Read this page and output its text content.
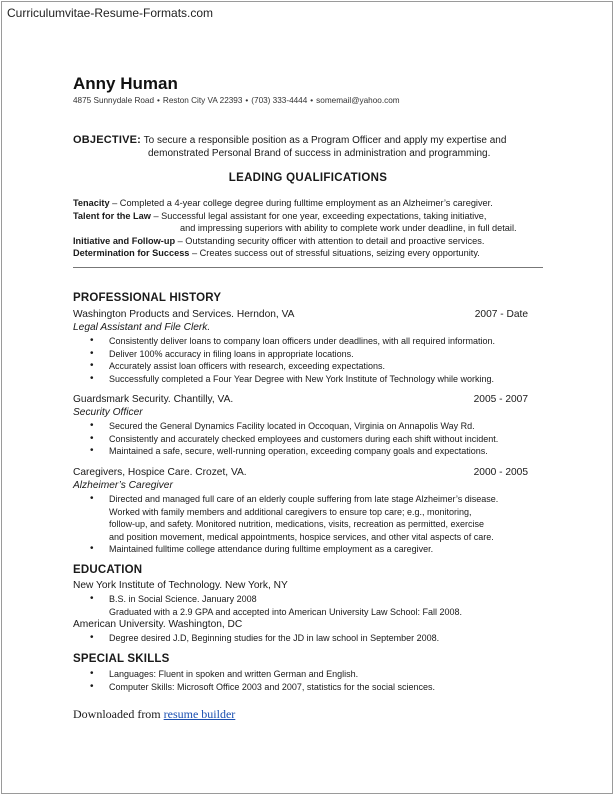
Curriculumvitae-Resume-Formats.com
Anny Human
4875 Sunnydale Road • Reston City VA 22393 • (703) 333-4444 • somemail@yahoo.com
OBJECTIVE: To secure a responsible position as a Program Officer and apply my expertise and
demonstrated Personal Brand of success in administration and programming.
LEADING QUALIFICATIONS
Tenacity – Completed a 4-year college degree during fulltime employment as an Alzheimer’s caregiver.
Talent for the Law – Successful legal assistant for one year, exceeding expectations, taking initiative,
and impressing superiors with ability to complete work under deadline, in full detail.
Initiative and Follow-up – Outstanding security officer with attention to detail and proactive services.
Determination for Success – Creates success out of stressful situations, seizing every opportunity.
PROFESSIONAL HISTORY
Washington Products and Services. Herndon, VA	2007 - Date
Legal Assistant and File Clerk.
• Consistently deliver loans to company loan officers under deadlines, with all required information.
• Deliver 100% accuracy in filing loans in appropriate locations.
• Accurately assist loan officers with research, exceeding expectations.
• Successfully completed a Four Year Degree with New York Institute of Technology while working.
Guardsmark Security. Chantilly, VA.	2005 - 2007
Security Officer
• Secured the General Dynamics Facility located in Occoquan, Virginia on Annapolis Way Rd.
• Consistently and accurately checked employees and customers during each shift without incident.
• Maintained a safe, secure, well-running operation, exceeding company goals and expectations.
Caregivers, Hospice Care. Crozet, VA.	2000 - 2005
Alzheimer’s Caregiver
• Directed and managed full care of an elderly couple suffering from late stage Alzheimer’s disease.
Worked with family members and additional caregivers to ensure top care; e.g., monitoring,
follow-up, and safety. Monitored nutrition, medications, visits, recreation as permitted, exercise
and position movement, medical appointments, hospice services, and other vital aspects of care.
• Maintained fulltime college attendance during fulltime employment as a caregiver.
EDUCATION
New York Institute of Technology. New York, NY
• B.S. in Social Science. January 2008
Graduated with a 2.9 GPA and accepted into American University Law School: Fall 2008.
American University. Washington, DC
• Degree desired J.D, Beginning studies for the JD in law school in September 2008.
SPECIAL SKILLS
• Languages: Fluent in spoken and written German and English.
• Computer Skills: Microsoft Office 2003 and 2007, statistics for the social sciences.
Downloaded from resume builder
